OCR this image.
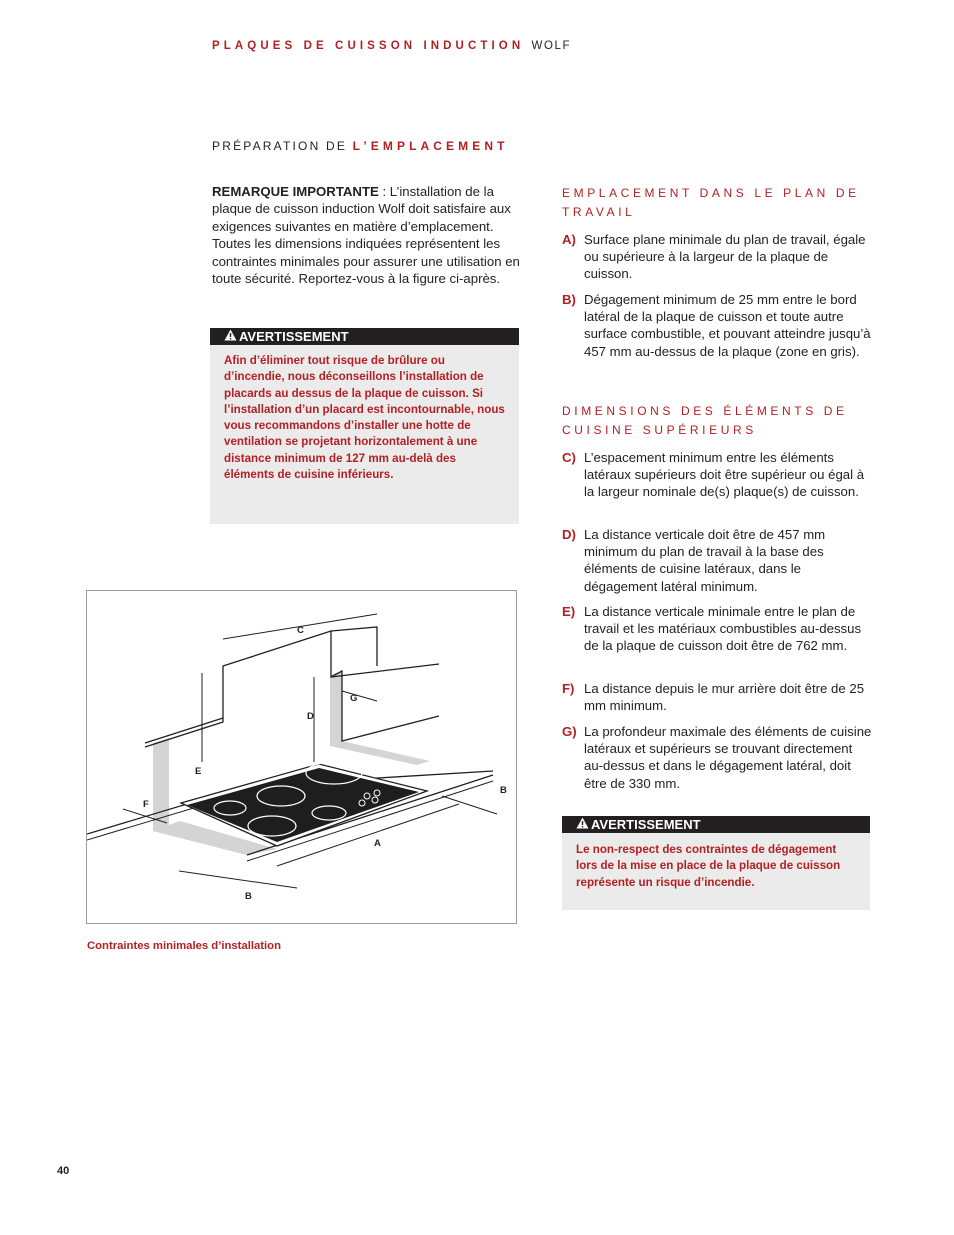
PLAQUES DE CUISSON INDUCTION WOLF
PRÉPARATION DE L’EMPLACEMENT
REMARQUE IMPORTANTE : L’installation de la plaque de cuisson induction Wolf doit satisfaire aux exigences suivantes en matière d’emplacement. Toutes les dimensions indiquées représentent les contraintes minimales pour assurer une utilisation en toute sécurité. Reportez-vous à la figure ci-après.
AVERTISSEMENT
Afin d’éliminer tout risque de brûlure ou d’incendie, nous déconseillons l’installation de placards au dessus de la plaque de cuisson. Si l’installation d’un placard est incontournable, nous vous recommandons d’installer une hotte de ventilation se projetant horizontalement à une distance minimum de 127 mm au-delà des éléments de cuisine inférieurs.
EMPLACEMENT DANS LE PLAN DE TRAVAIL
A) Surface plane minimale du plan de travail, égale ou supérieure à la largeur de la plaque de cuisson.
B) Dégagement minimum de 25 mm entre le bord latéral de la plaque de cuisson et toute autre surface combustible, et pouvant atteindre jusqu’à 457 mm au-dessus de la plaque (zone en gris).
DIMENSIONS DES ÉLÉMENTS DE CUISINE SUPÉRIEURS
C) L’espacement minimum entre les éléments latéraux supérieurs doit être supérieur ou égal à la largeur nominale de(s) plaque(s) de cuisson.
D) La distance verticale doit être de 457 mm minimum du plan de travail à la base des éléments de cuisine latéraux, dans le dégagement latéral minimum.
E) La distance verticale minimale entre le plan de travail et les matériaux combustibles au-dessus de la plaque de cuisson doit être de 762 mm.
F) La distance depuis le mur arrière doit être de 25 mm minimum.
G) La profondeur maximale des éléments de cuisine latéraux et supérieurs se trouvant directement au-dessus et dans le dégagement latéral, doit être de 330 mm.
AVERTISSEMENT
Le non-respect des contraintes de dégagement lors de la mise en place de la plaque de cuisson représente un risque d’incendie.
C
D
E
F
G
A
B
B
Contraintes minimales d’installation
40
